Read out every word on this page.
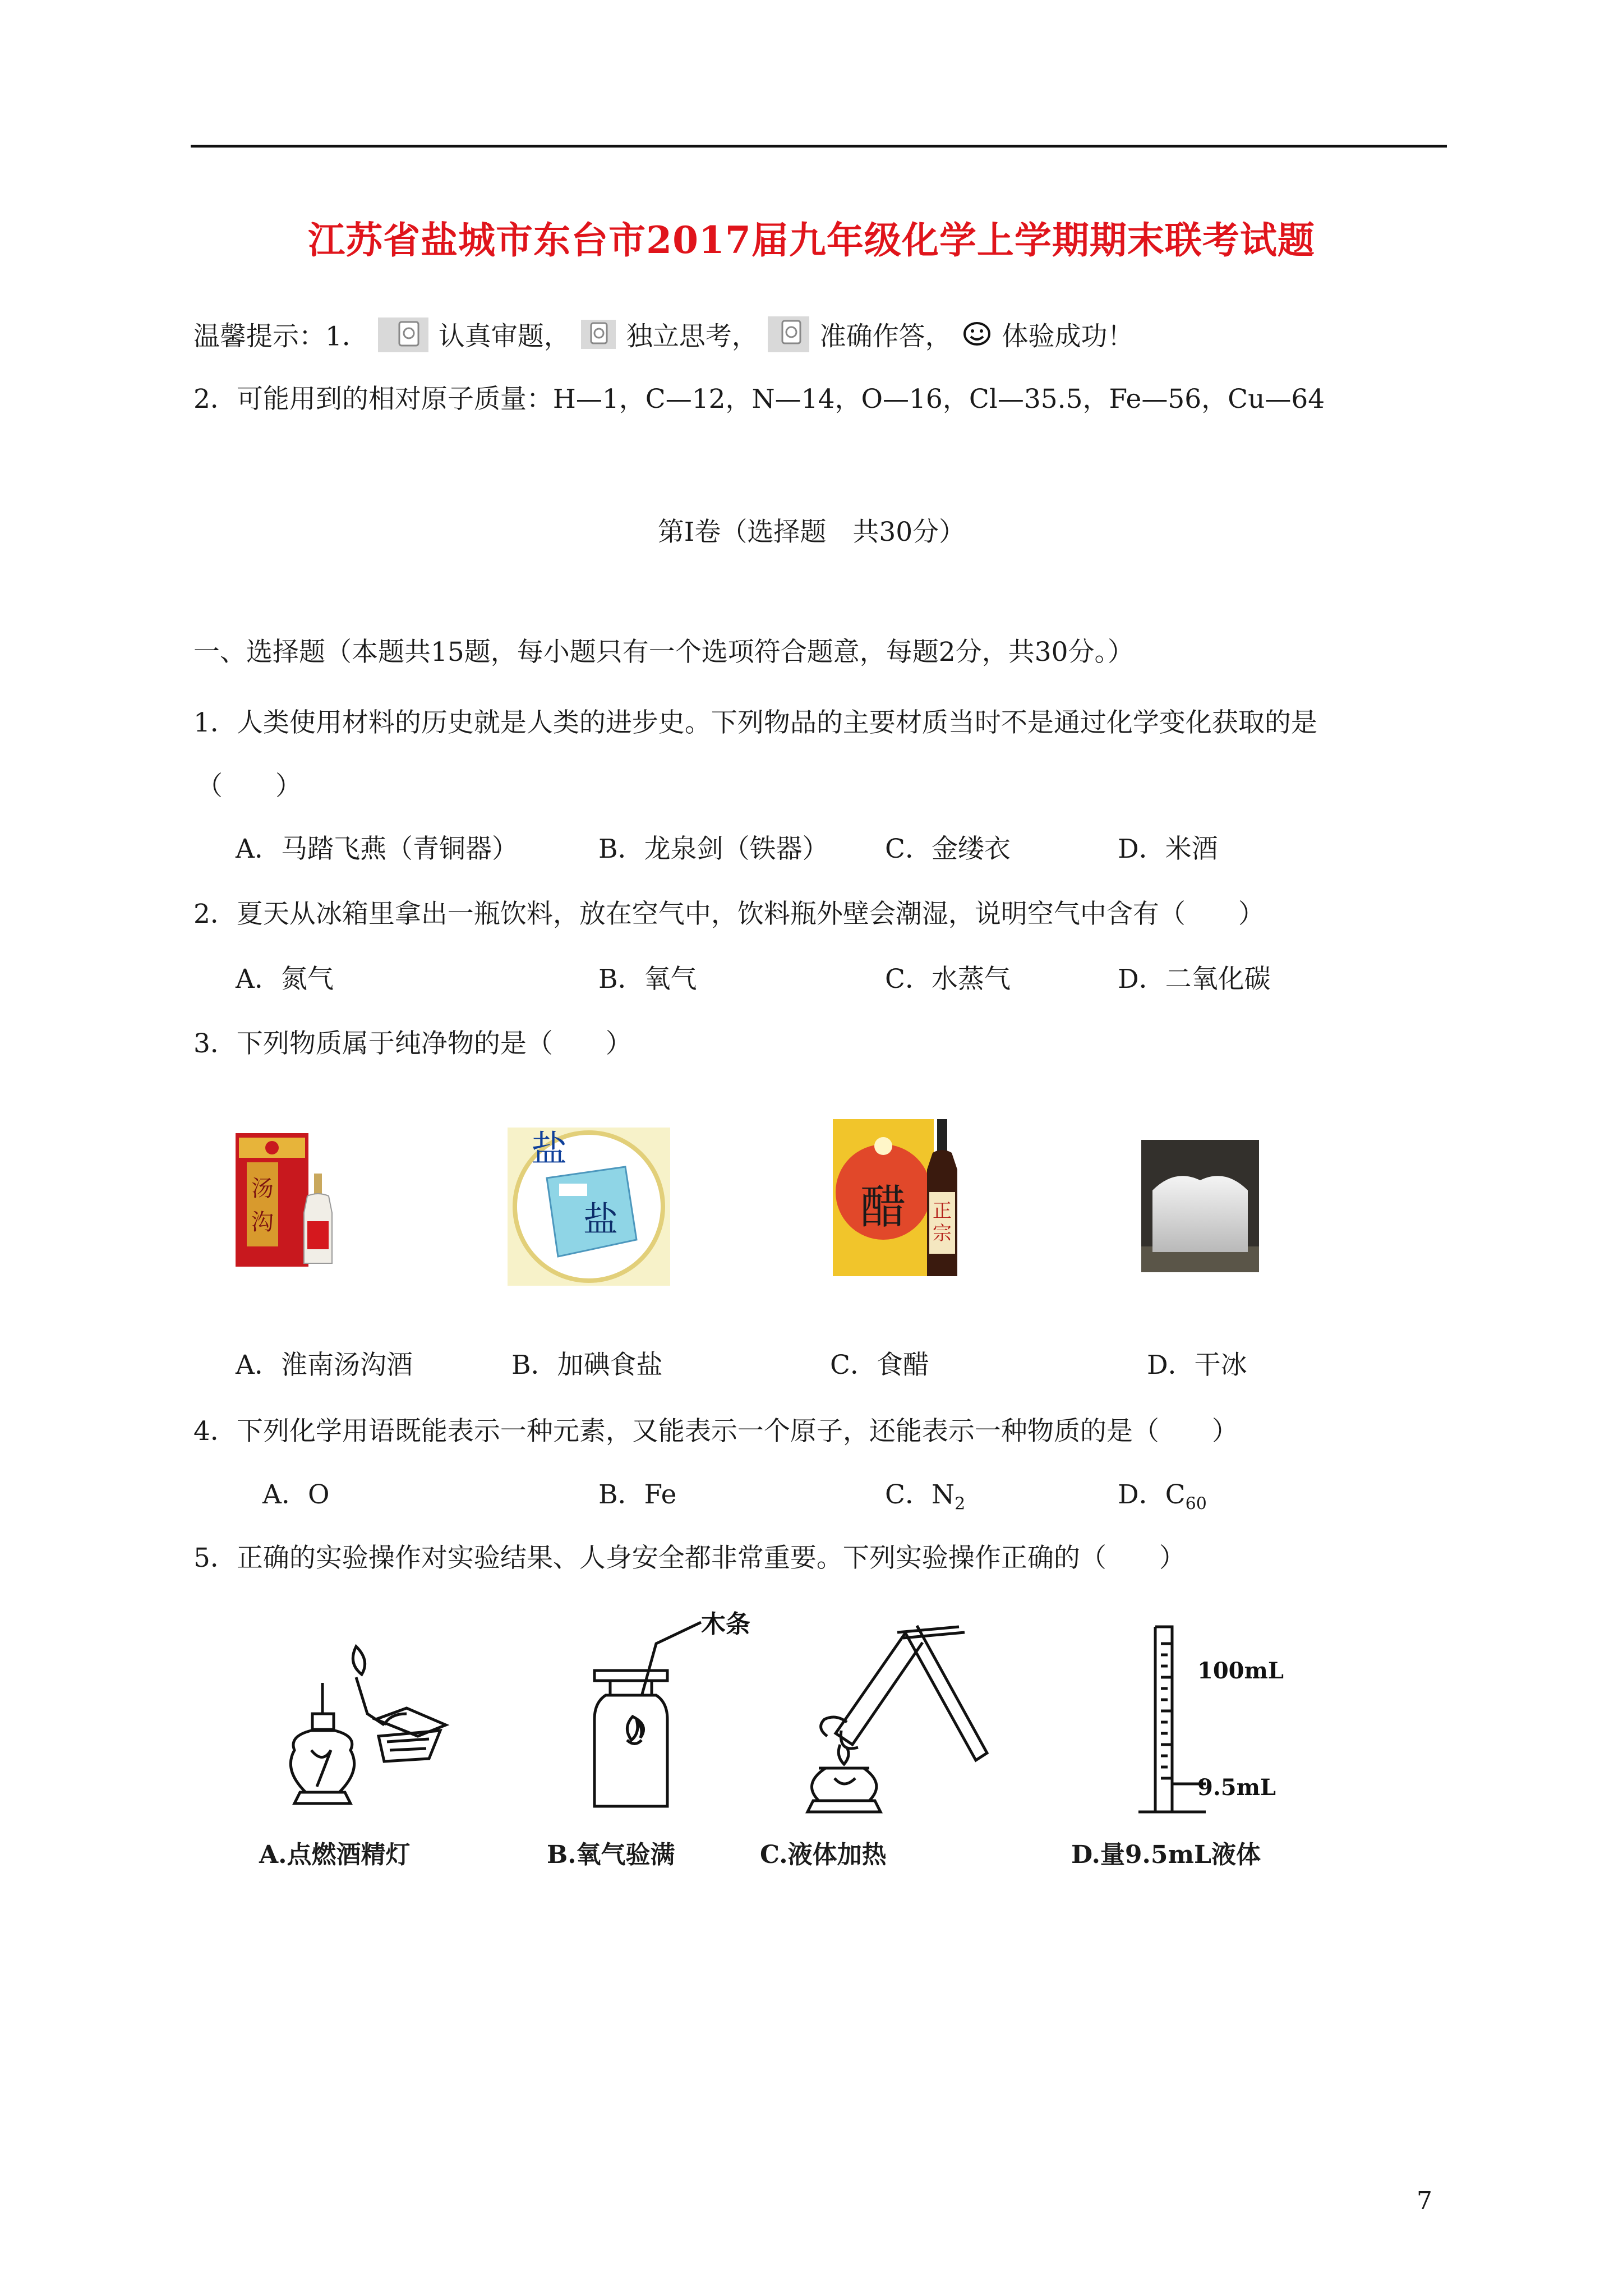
江苏省盐城市东台市2017届九年级化学上学期期末联考试题
温馨提示：1．	认真审题， 独立思考， 准确作答， 体验成功！
2．可能用到的相对原子质量：H—1，C—12，N—14，O—16，Cl—35.5，Fe—56，Cu—64
第Ⅰ卷（选择题　共30分）
一、选择题（本题共15题，每小题只有一个选项符合题意，每题2分，共30分。）
1．人类使用材料的历史就是人类的进步史。下列物品的主要材质当时不是通过化学变化获取的是
（　　）
A．马踏飞燕（青铜器）	B．龙泉剑（铁器） C．金缕衣	D．米酒
2．夏天从冰箱里拿出一瓶饮料，放在空气中，饮料瓶外壁会潮湿，说明空气中含有（　　）
A．氮气	B．氧气	C．水蒸气	D．二氧化碳
3．下列物质属于纯净物的是（　　）
汤
沟
盐
盐	醋 正
宗
A．淮南汤沟酒	B．加碘食盐	C．食醋	D．干冰
4．下列化学用语既能表示一种元素，又能表示一个原子，还能表示一种物质的是（　　）
A．O	B．Fe	C．$N_2$	D．$C_{60}$
5．正确的实验操作对实验结果、人身安全都非常重要。下列实验操作正确的（　　）
木条
100mL
9.5mL
A.点燃酒精灯	B.氧气验满	C.液体加热	D.量9.5mL液体
7
